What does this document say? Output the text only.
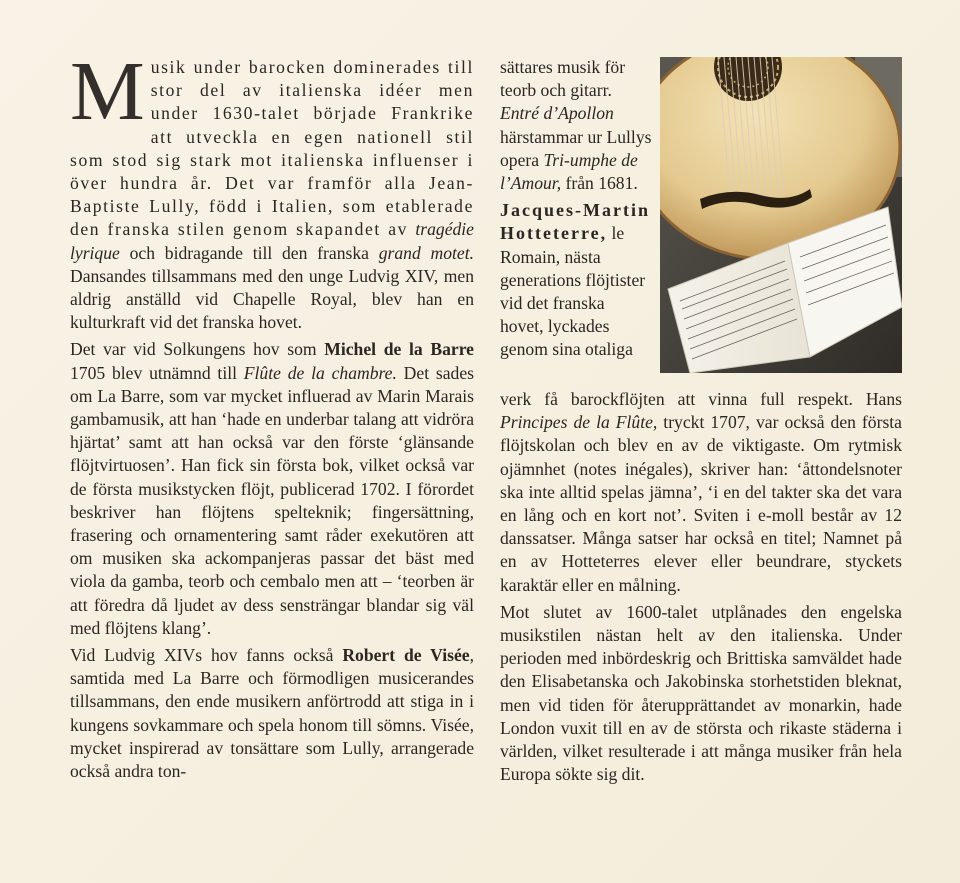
Musik under barocken dominerades till stor del av italienska idéer men under 1630-talet började Frankrike att utveckla en egen nationell stil som stod sig stark mot italienska influenser i över hundra år. Det var framför alla Jean-Baptiste Lully, född i Italien, som etablerade den franska stilen genom skapandet av tragédie lyrique och bidragande till den franska grand motet. Dansandes tillsammans med den unge Ludvig XIV, men aldrig anställd vid Chapelle Royal, blev han en kulturkraft vid det franska hovet.

Det var vid Solkungens hov som Michel de la Barre 1705 blev utnämnd till Flûte de la chambre. Det sades om La Barre, som var mycket influerad av Marin Marais gambamusik, att han ‘hade en underbar talang att vidröra hjärtat’ samt att han också var den förste ‘glänsande flöjtvirtuosen’. Han fick sin första bok, vilket också var de första musikstycken flöjt, publicerad 1702. I förordet beskriver han flöjtens spelteknik; fingersättning, frasering och ornamentering samt råder exekutören att om musiken ska ackompanjeras passar det bäst med viola da gamba, teorb och cembalo men att – ‘teorben är att föredra då ljudet av dess sensträngar blandar sig väl med flöjtens klang’.

Vid Ludvig XIVs hov fanns också Robert de Visée, samtida med La Barre och förmodligen musicerandes tillsammans, den ende musikern anförtrodd att stiga in i kungens sovkammare och spela honom till sömns. Visée, mycket inspirerad av tonsättare som Lully, arrangerade också andra ton-

sättares musik för teorb och gitarr. Entré d’Apollon härstammar ur Lullys opera Tri-umphe de l’Amour, från 1681.

Jacques-Martin Hotteterre, le Romain, nästa generations flöjtister vid det franska hovet, lyckades genom sina otaliga

verk få barockflöjten att vinna full respekt. Hans Principes de la Flûte, tryckt 1707, var också den första flöjtskolan och blev en av de viktigaste. Om rytmisk ojämnhet (notes inégales), skriver han: ‘åttondelsnoter ska inte alltid spelas jämna’, ‘i en del takter ska det vara en lång och en kort not’. Sviten i e-moll består av 12 danssatser. Många satser har också en titel; Namnet på en av Hotteterres elever eller beundrare, styckets karaktär eller en målning.

Mot slutet av 1600-talet utplånades den engelska musikstilen nästan helt av den italienska. Under perioden med inbördeskrig och Brittiska samväldet hade den Elisabetanska och Jakobinska storhetstiden bleknat, men vid tiden för återupprättandet av monarkin, hade London vuxit till en av de största och rikaste städerna i världen, vilket resulterade i att många musiker från hela Europa sökte sig dit.
